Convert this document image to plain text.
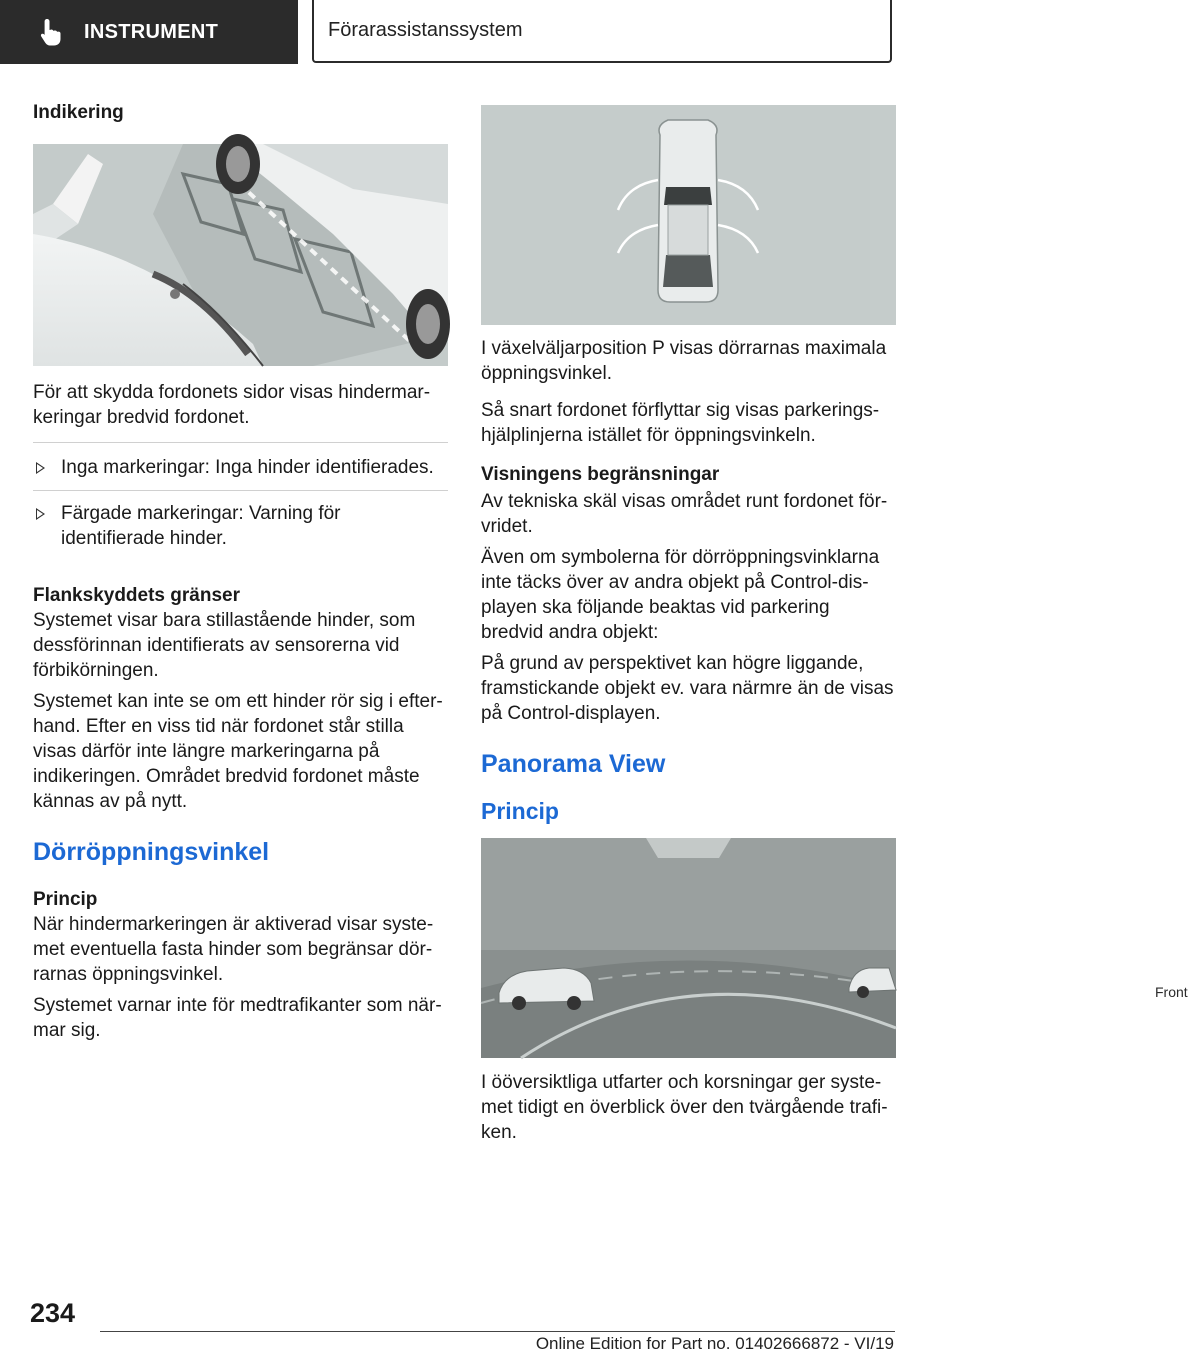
INSTRUMENT	Förarassistanssystem

Indikering

För att skydda fordonets sidor visas hindermarkeringar bredvid fordonet.

Inga markeringar: Inga hinder identifierades.
Färgade markeringar: Varning för identifierade hinder.

Flankskyddets gränser

Systemet visar bara stillastående hinder, som dessförinnan identifierats av sensorerna vid förbikörningen.

Systemet kan inte se om ett hinder rör sig i efterhand. Efter en viss tid när fordonet står stilla visas därför inte längre markeringarna på indikeringen. Området bredvid fordonet måste kännas av på nytt.

Dörröppningsvinkel

Princip

När hindermarkeringen är aktiverad visar systemet eventuella fasta hinder som begränsar dörrarnas öppningsvinkel.

Systemet varnar inte för medtrafikanter som närmar sig.

I växelväljarposition P visas dörrarnas maximala öppningsvinkel.

Så snart fordonet förflyttar sig visas parkeringshjälplinjerna istället för öppningsvinkeln.

Visningens begränsningar

Av tekniska skäl visas området runt fordonet förvridet.

Även om symbolerna för dörröppningsvinklarna inte täcks över av andra objekt på Control-displayen ska följande beaktas vid parkering bredvid andra objekt:

På grund av perspektivet kan högre liggande, framstickande objekt ev. vara närmre än de visas på Control-displayen.

Panorama View

Princip

Front

I ööversiktliga utfarter och korsningar ger systemet tidigt en överblick över den tvärgående trafiken.

234
Online Edition for Part no. 01402666872 - VI/19
